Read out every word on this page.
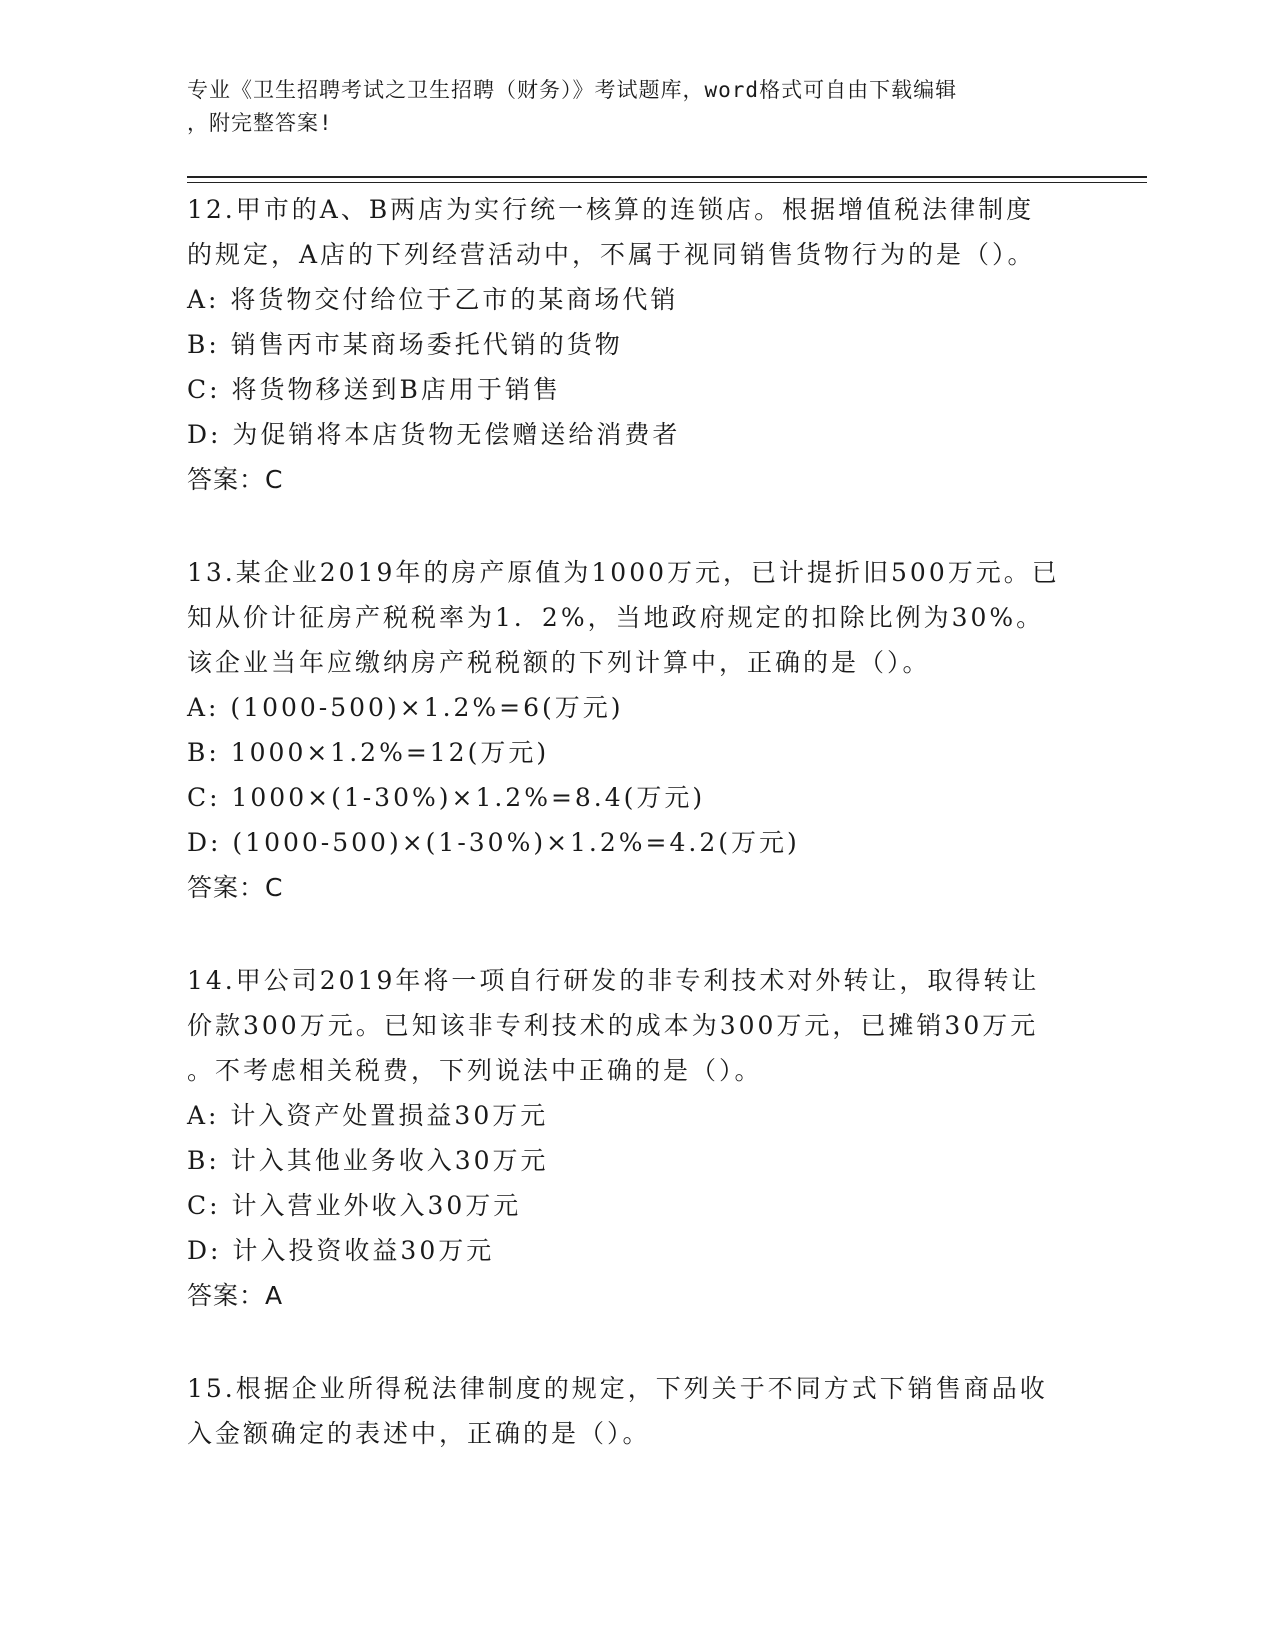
专业《卫生招聘考试之卫生招聘（财务）》考试题库，word格式可自由下载编辑
，附完整答案!
12.甲市的A、B两店为实行统一核算的连锁店。根据增值税法律制度
的规定，A店的下列经营活动中，不属于视同销售货物行为的是（）。
A: 将货物交付给位于乙市的某商场代销
B: 销售丙市某商场委托代销的货物
C: 将货物移送到B店用于销售
D: 为促销将本店货物无偿赠送给消费者
答案：C
13.某企业2019年的房产原值为1000万元，已计提折旧500万元。已
知从价计征房产税税率为1．2%，当地政府规定的扣除比例为30%。
该企业当年应缴纳房产税税额的下列计算中，正确的是（）。
A: (1000-500)×1.2%=6(万元)
B: 1000×1.2%=12(万元)
C: 1000×(1-30%)×1.2%=8.4(万元)
D: (1000-500)×(1-30%)×1.2%=4.2(万元)
答案：C
14.甲公司2019年将一项自行研发的非专利技术对外转让，取得转让
价款300万元。已知该非专利技术的成本为300万元，已摊销30万元
。不考虑相关税费，下列说法中正确的是（）。
A: 计入资产处置损益30万元
B: 计入其他业务收入30万元
C: 计入营业外收入30万元
D: 计入投资收益30万元
答案：A
15.根据企业所得税法律制度的规定，下列关于不同方式下销售商品收
入金额确定的表述中，正确的是（）。
